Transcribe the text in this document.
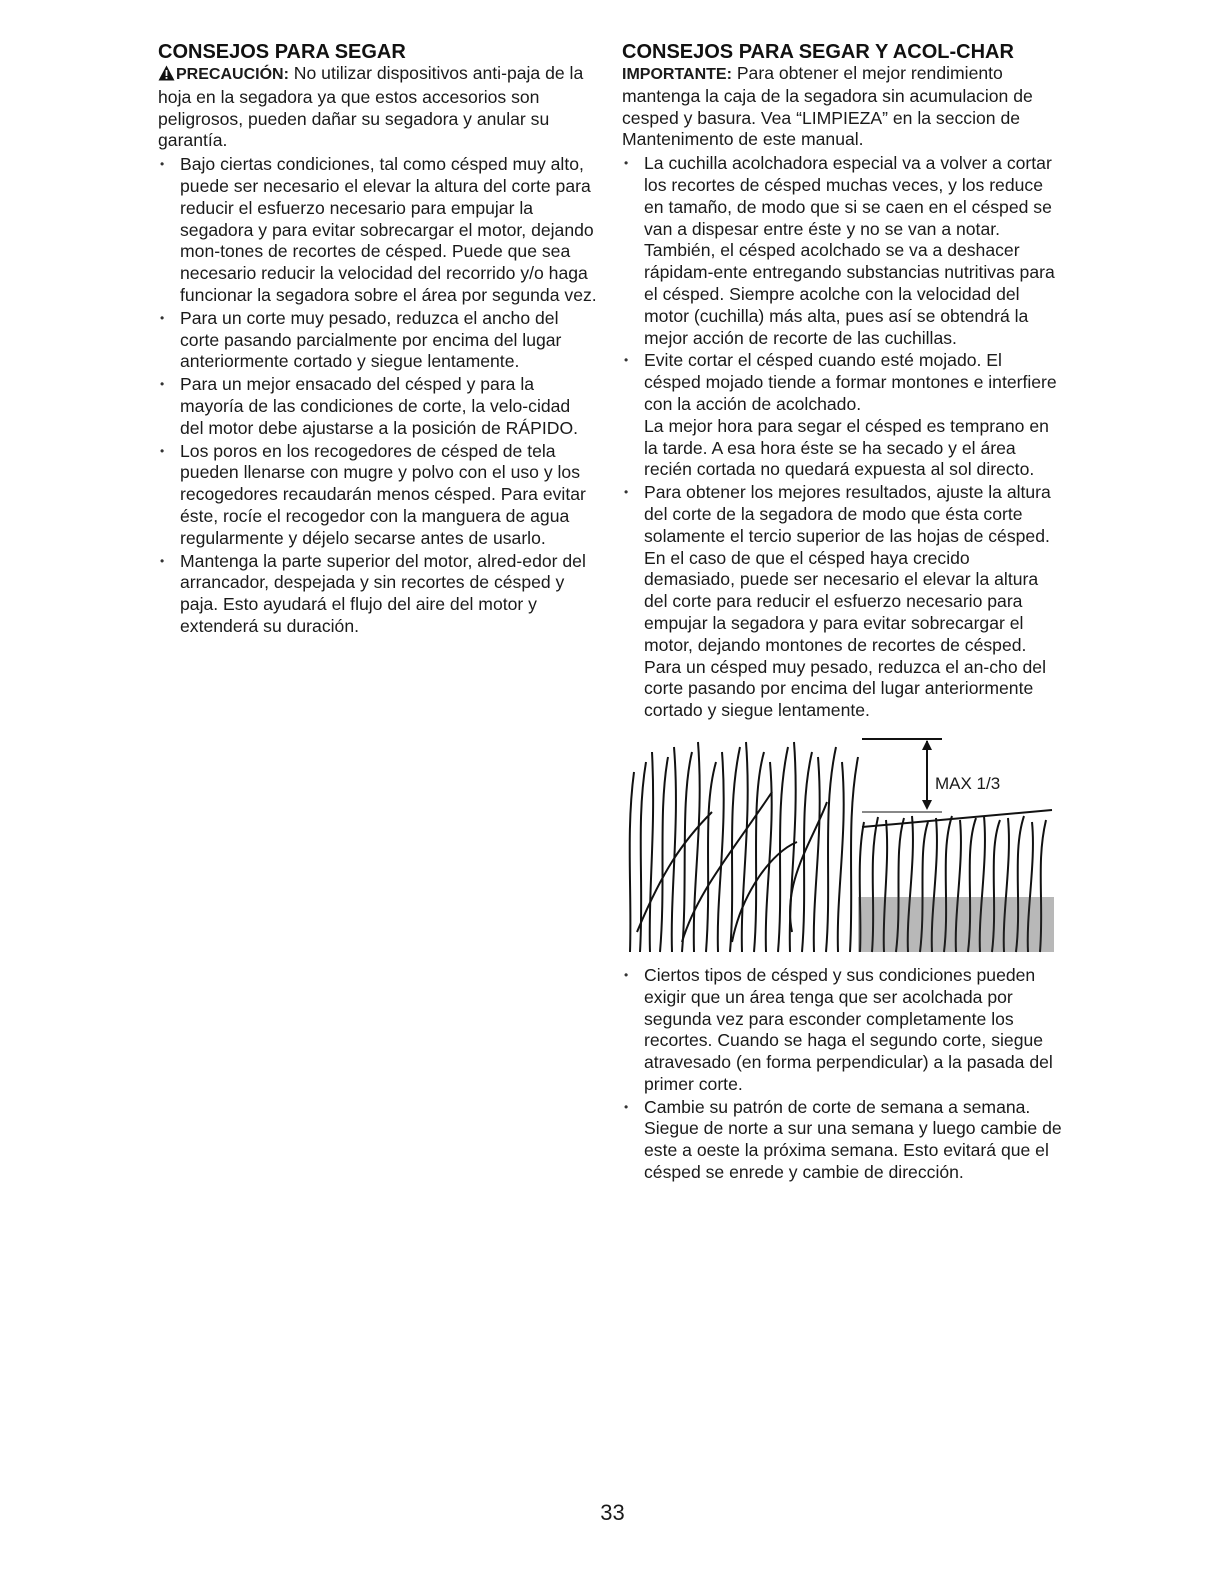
CONSEJOS PARA SEGAR

PRECAUCIÓN: No utilizar dispositivos anti-paja de la hoja en la segadora ya que estos accesorios son peligrosos, pueden dañar su segadora y anular su garantía.

• Bajo ciertas condiciones, tal como césped muy alto, puede ser necesario el elevar la altura del corte para reducir el esfuerzo necesario para empujar la segadora y para evitar sobrecargar el motor, dejando mon-tones de recortes de césped. Puede que sea necesario reducir la velocidad del recorrido y/o haga funcionar la segadora sobre el área por segunda vez.
• Para un corte muy pesado, reduzca el ancho del corte pasando parcialmente por encima del lugar anteriormente cortado y siegue lentamente.
• Para un mejor ensacado del césped y para la mayoría de las condiciones de corte, la velo-cidad del motor debe ajustarse a la posición de RÁPIDO.
• Los poros en los recogedores de césped de tela pueden llenarse con mugre y polvo con el uso y los recogedores recaudarán menos césped. Para evitar éste, rocíe el recogedor con la manguera de agua regularmente y déjelo secarse antes de usarlo.
• Mantenga la parte superior del motor, alred-edor del arrancador, despejada y sin recortes de césped y paja. Esto ayudará el flujo del aire del motor y extenderá su duración.
CONSEJOS PARA SEGAR Y ACOL-CHAR

IMPORTANTE: Para obtener el mejor rendimiento mantenga la caja de la segadora sin acumulacion de cesped y basura. Vea “LIMPIEZA” en la seccion de Mantenimento de este manual.

• La cuchilla acolchadora especial va a volver a cortar los recortes de césped muchas veces, y los reduce en tamaño, de modo que si se caen en el césped se van a dispesar entre éste y no se van a notar. También, el césped acolchado se va a deshacer rápidam-ente entregando substancias nutritivas para el césped. Siempre acolche con la velocidad del motor (cuchilla) más alta, pues así se obtendrá la mejor acción de recorte de las cuchillas.
• Evite cortar el césped cuando esté mojado. El césped mojado tiende a formar montones e interfiere con la acción de acolchado.
La mejor hora para segar el césped es temprano en la tarde. A esa hora éste se ha secado y el área recién cortada no quedará expuesta al sol directo.
• Para obtener los mejores resultados, ajuste la altura del corte de la segadora de modo que ésta corte solamente el tercio superior de las hojas de césped. En el caso de que el césped haya crecido demasiado, puede ser necesario el elevar la altura del corte para reducir el esfuerzo necesario para empujar la segadora y para evitar sobrecargar el motor, dejando montones de recortes de césped.
Para un césped muy pesado, reduzca el an-cho del corte pasando por encima del lugar anteriormente cortado y siegue lentamente.
MAX 1/3
• Ciertos tipos de césped y sus condiciones pueden exigir que un área tenga que ser acolchada por segunda vez para esconder completamente los recortes. Cuando se haga el segundo corte, siegue atravesado (en forma perpendicular) a la pasada del primer corte.
• Cambie su patrón de corte de semana a semana. Siegue de norte a sur una semana y luego cambie de este a oeste la próxima semana. Esto evitará que el césped se enrede y cambie de dirección.
33
